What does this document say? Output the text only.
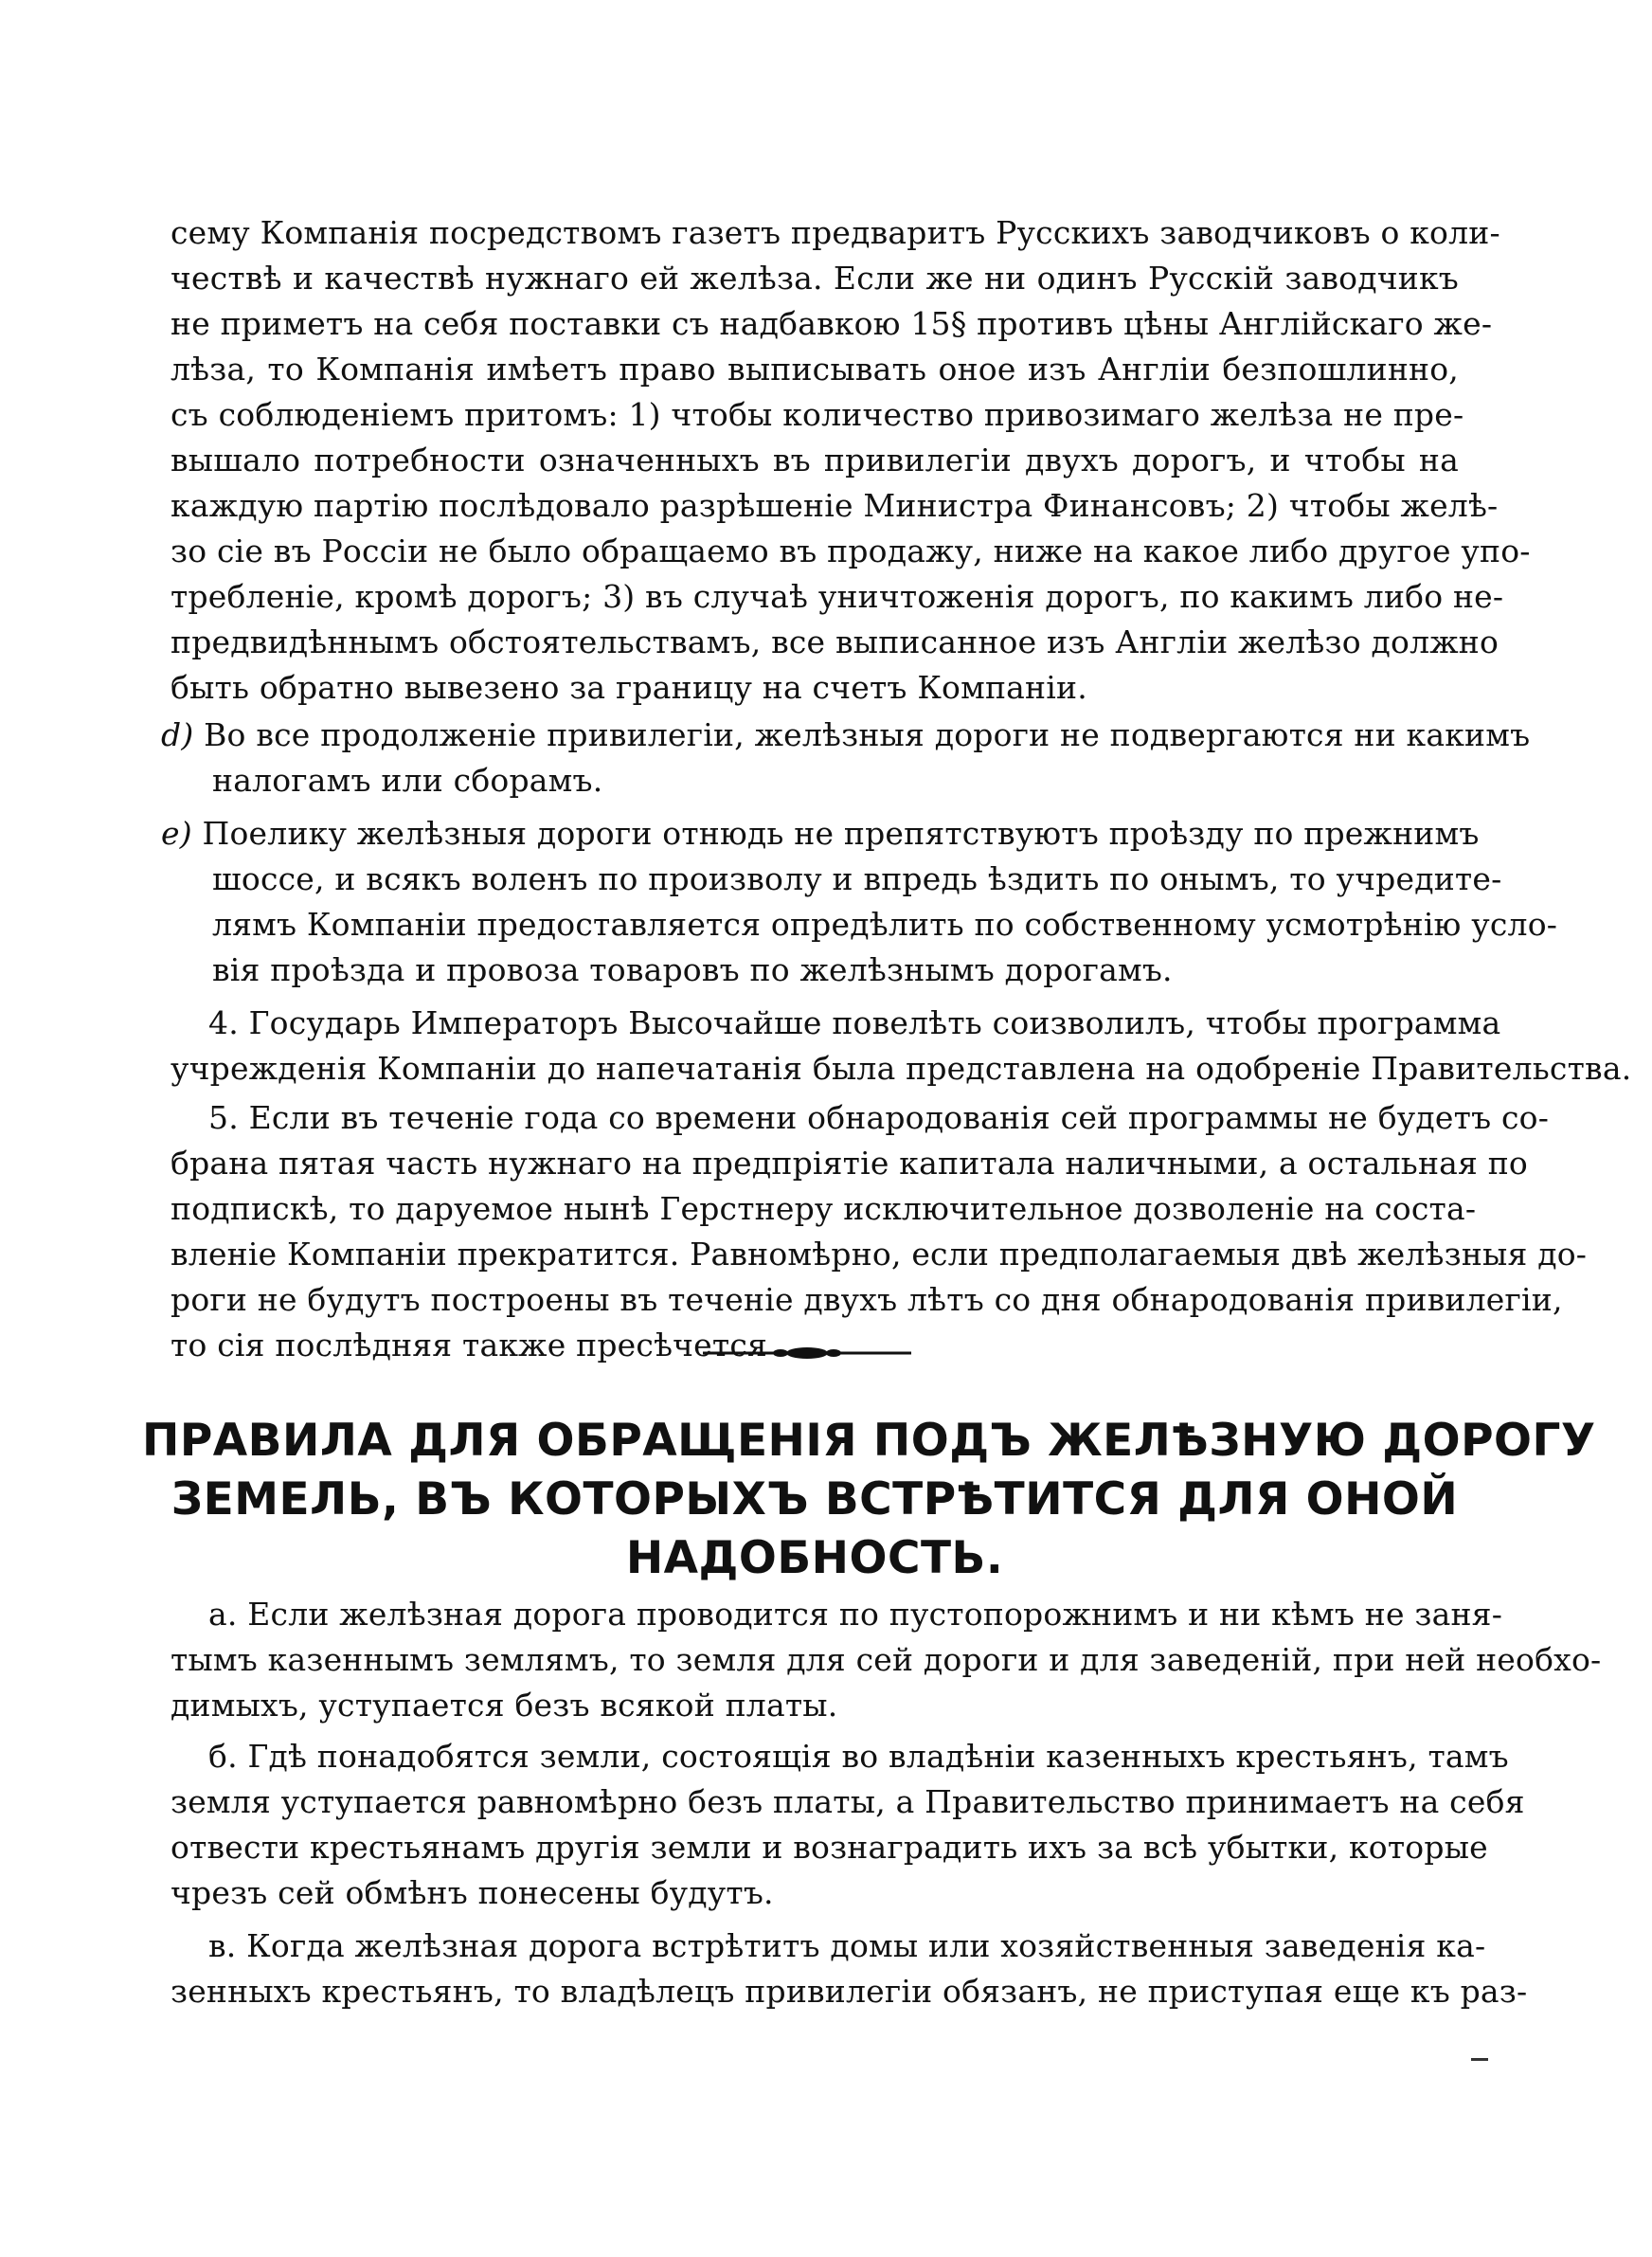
сему Компанія посредствомъ газетъ предваритъ Русскихъ заводчиковъ о коли-
чествѣ и качествѣ нужнаго ей желѣза. Если же ни одинъ Русскій заводчикъ
не приметъ на себя поставки съ надбавкою 15§ противъ цѣны Англійскаго же-
лѣза, то Компанія имѣетъ право выписывать оное изъ Англіи безпошлинно,
съ соблюденіемъ притомъ: 1) чтобы количество привозимаго желѣза не пре-
вышало потребности означенныхъ въ привилегіи двухъ дорогъ, и чтобы на
каждую партію послѣдовало разрѣшеніе Министра Финансовъ; 2) чтобы желѣ-
зо сіе въ Россіи не было обращаемо въ продажу, ниже на какое либо другое упо-
требленіе, кромѣ дорогъ; 3) въ случаѣ уничтоженія дорогъ, по какимъ либо не-
предвидѣннымъ обстоятельствамъ, все выписанное изъ Англіи желѣзо должно
быть обратно вывезено за границу на счетъ Компаніи.
d) Во все продолженіе привилегіи, желѣзныя дороги не подвергаются ни какимъ
налогамъ или сборамъ.
e) Поелику желѣзныя дороги отнюдь не препятствуютъ проѣзду по прежнимъ
шоссе, и всякъ воленъ по произволу и впредь ѣздить по онымъ, то учредите-
лямъ Компаніи предоставляется опредѣлить по собственному усмотрѣнію усло-
вія проѣзда и провоза товаровъ по желѣзнымъ дорогамъ.
4. Государь Императоръ Высочайше повелѣть соизволилъ, чтобы программа
учрежденія Компаніи до напечатанія была представлена на одобреніе Правительства.
5. Если въ теченіе года со времени обнародованія сей программы не будетъ со-
брана пятая часть нужнаго на предпріятіе капитала наличными, а остальная по
подпискѣ, то даруемое нынѣ Герстнеру исключительное дозволеніе на соста-
вленіе Компаніи прекратится. Равномѣрно, если предполагаемыя двѣ желѣзныя до-
роги не будутъ построены въ теченіе двухъ лѣтъ со дня обнародованія привилегіи,
то сія послѣдняя также пресѣчется
ПРАВИЛА ДЛЯ ОБРАЩЕНІЯ ПОДЪ ЖЕЛѢЗНУЮ ДОРОГУ
ЗЕМЕЛЬ, ВЪ КОТОРЫХЪ ВСТРѢТИТСЯ ДЛЯ ОНОЙ
НАДОБНОСТЬ.
а. Если желѣзная дорога проводится по пустопорожнимъ и ни кѣмъ не заня-
тымъ казеннымъ землямъ, то земля для сей дороги и для заведеній, при ней необхо-
димыхъ, уступается безъ всякой платы.
б. Гдѣ понадобятся земли, состоящія во владѣніи казенныхъ крестьянъ, тамъ
земля уступается равномѣрно безъ платы, а Правительство принимаетъ на себя
отвести крестьянамъ другія земли и вознаградить ихъ за всѣ убытки, которые
чрезъ сей обмѣнъ понесены будутъ.
в. Когда желѣзная дорога встрѣтитъ домы или хозяйственныя заведенія ка-
зенныхъ крестьянъ, то владѣлецъ привилегіи обязанъ, не приступая еще къ раз-
